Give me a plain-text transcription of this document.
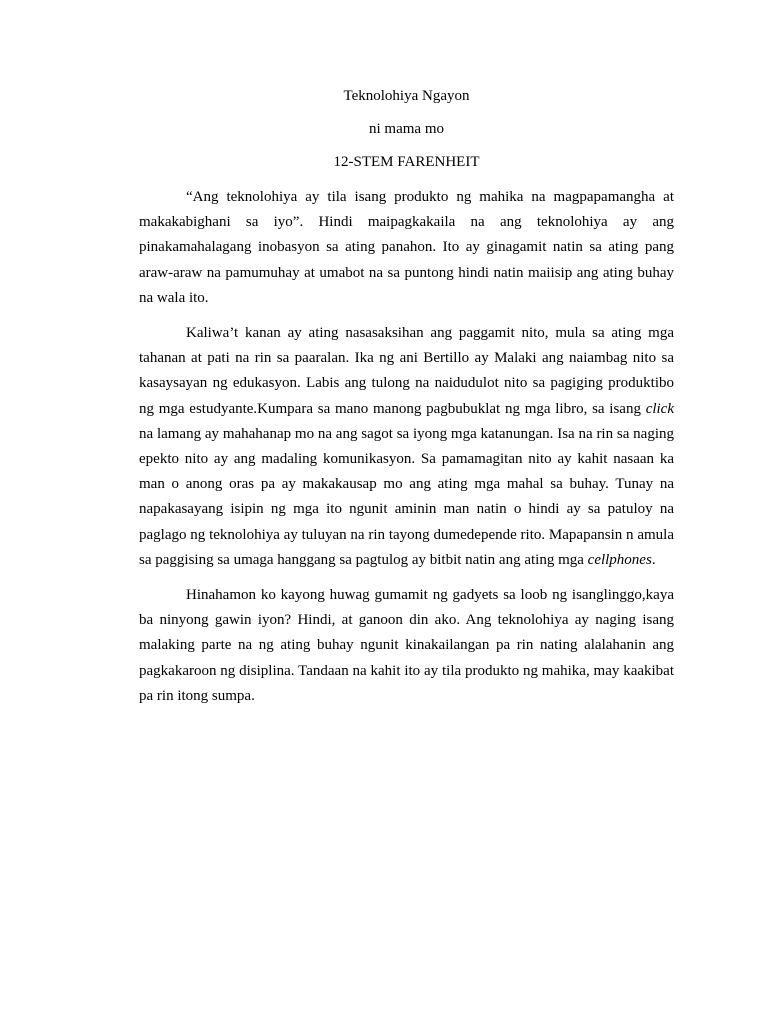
Teknolohiya Ngayon

ni mama mo

12-STEM FARENHEIT

“Ang teknolohiya ay tila isang produkto ng mahika na magpapamangha at makakabighani sa iyo”. Hindi maipagkakaila na ang teknolohiya ay ang pinakamahalagang inobasyon sa ating panahon. Ito ay ginagamit natin sa ating pang araw-araw na pamumuhay at umabot na sa puntong hindi natin maiisip ang ating buhay na wala ito.

Kaliwa’t kanan ay ating nasasaksihan ang paggamit nito, mula sa ating mga tahanan at pati na rin sa paaralan. Ika ng ani Bertillo ay Malaki ang naiambag nito sa kasaysayan ng edukasyon. Labis ang tulong na naidudulot nito sa pagiging produktibo ng mga estudyante.Kumpara sa mano manong pagbubuklat ng mga libro, sa isang click na lamang ay mahahanap mo na ang sagot sa iyong mga katanungan. Isa na rin sa naging epekto nito ay ang madaling komunikasyon. Sa pamamagitan nito ay kahit nasaan ka man o anong oras pa ay makakausap mo ang ating mga mahal sa buhay. Tunay na napakasayang isipin ng mga ito ngunit aminin man natin o hindi ay sa patuloy na paglago ng teknolohiya ay tuluyan na rin tayong dumedepende rito. Mapapansin n amula sa paggising sa umaga hanggang sa pagtulog ay bitbit natin ang ating mga cellphones.

Hinahamon ko kayong huwag gumamit ng gadyets sa loob ng isanglinggo,kaya ba ninyong gawin iyon? Hindi, at ganoon din ako. Ang teknolohiya ay naging isang malaking parte na ng ating buhay ngunit kinakailangan pa rin nating alalahanin ang pagkakaroon ng disiplina. Tandaan na kahit ito ay tila produkto ng mahika, may kaakibat pa rin itong sumpa.
